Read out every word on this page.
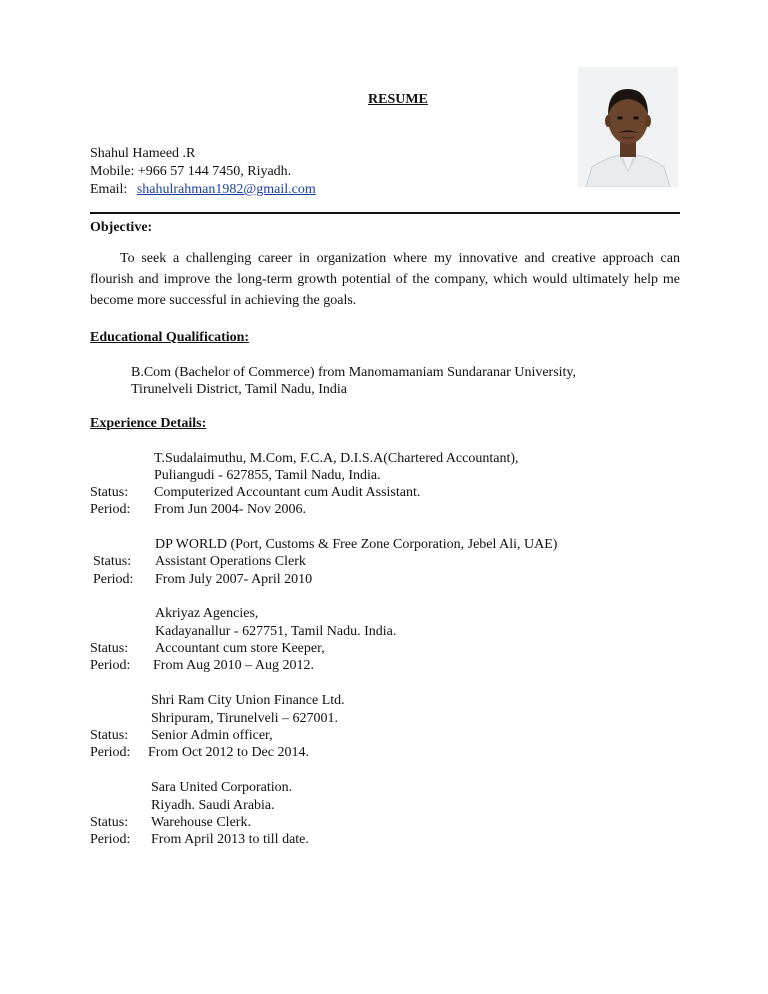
RESUME
Shahul Hameed .R
Mobile: +966 57 144 7450, Riyadh.
Email: shahulrahman1982@gmail.com
Objective:
To seek a challenging career in organization where my innovative and creative approach can flourish and improve the long-term growth potential of the company, which would ultimately help me become more successful in achieving the goals.
Educational Qualification:
B.Com (Bachelor of Commerce) from Manomamaniam Sundaranar University,
Tirunelveli District, Tamil Nadu, India
Experience Details:
T.Sudalaimuthu, M.Com, F.C.A, D.I.S.A(Chartered Accountant),
Puliangudi - 627855, Tamil Nadu, India.
Status: Computerized Accountant cum Audit Assistant.
Period: From Jun 2004- Nov 2006.
DP WORLD (Port, Customs & Free Zone Corporation, Jebel Ali, UAE)
Status: Assistant Operations Clerk
Period: From July 2007- April 2010
Akriyaz Agencies,
Kadayanallur - 627751, Tamil Nadu. India.
Status: Accountant cum store Keeper,
Period: From Aug 2010 – Aug 2012.
Shri Ram City Union Finance Ltd.
Shripuram, Tirunelveli – 627001.
Status: Senior Admin officer,
Period: From Oct 2012 to Dec 2014.
Sara United Corporation.
Riyadh. Saudi Arabia.
Status: Warehouse Clerk.
Period: From April 2013 to till date.
